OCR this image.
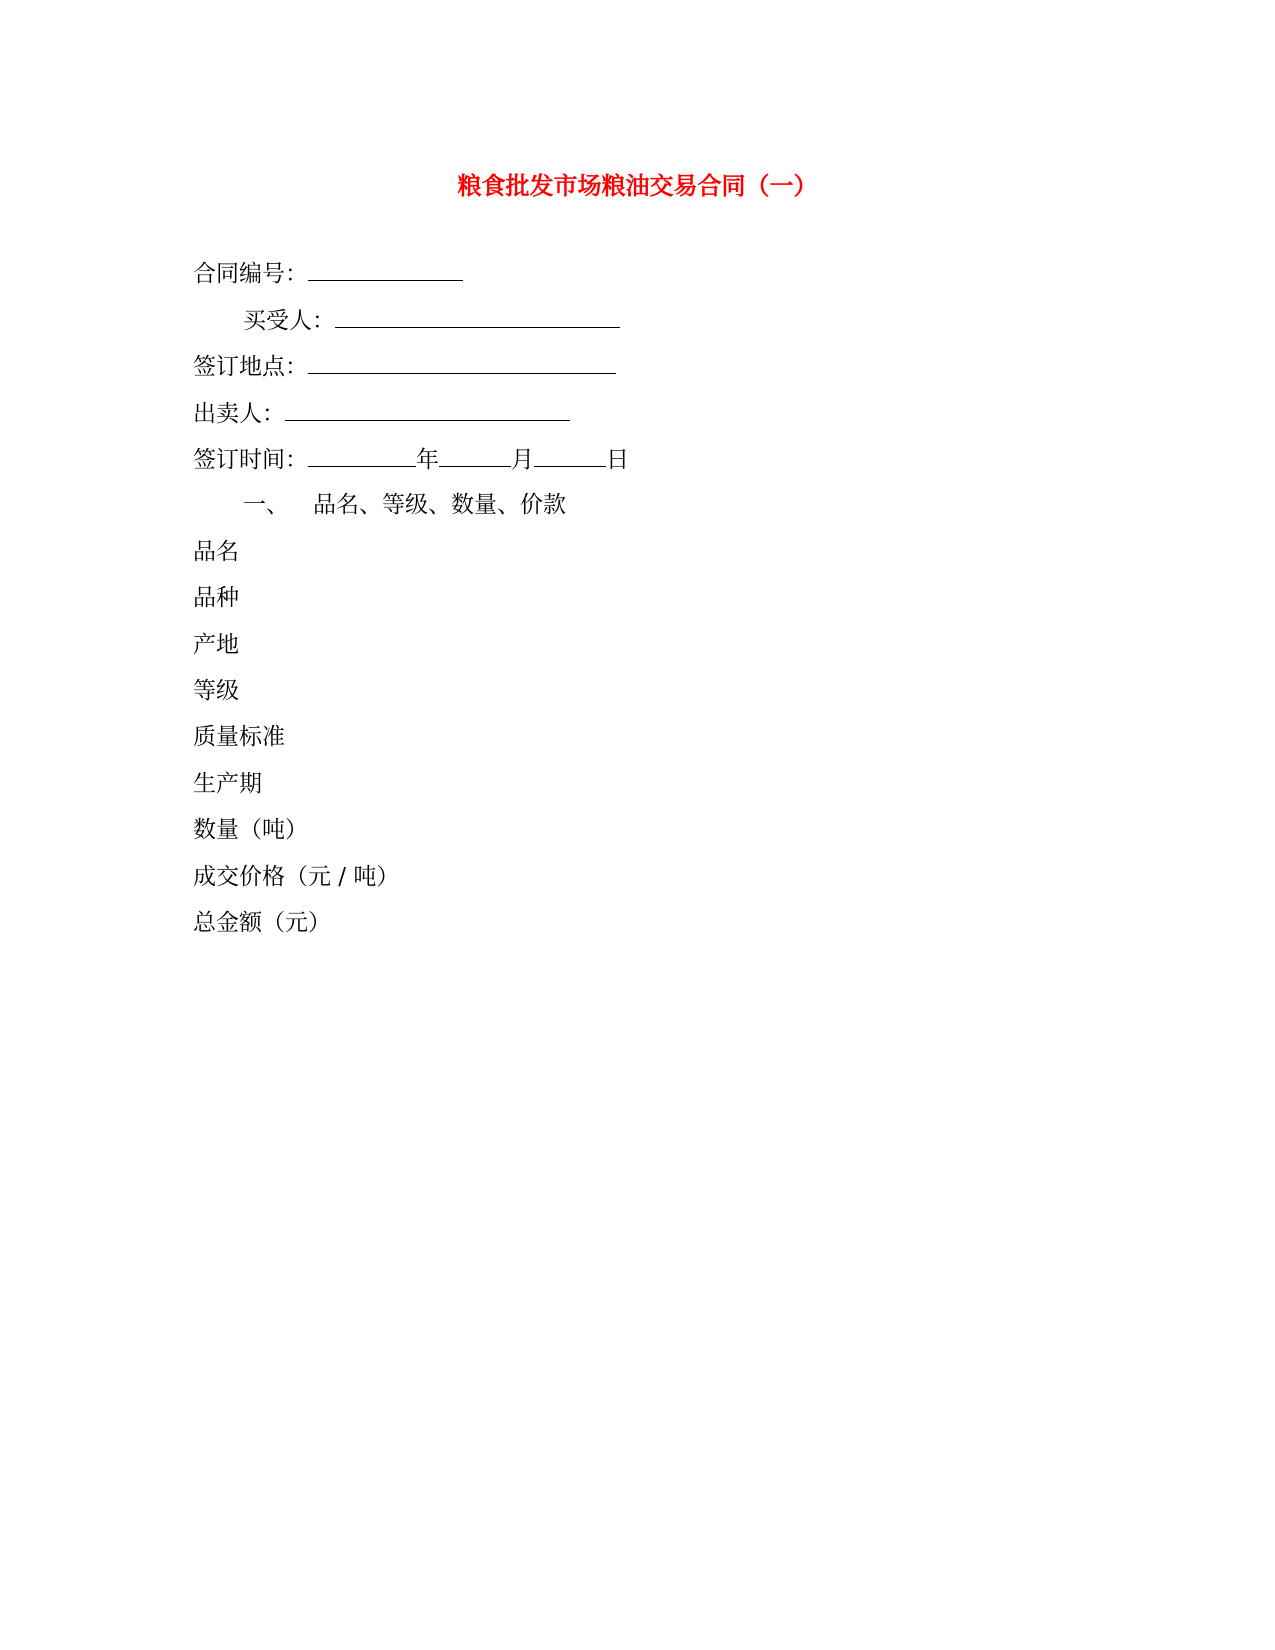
粮食批发市场粮油交易合同（一）
合同编号：
买受人：
签订地点：
出卖人：
签订时间：	年	月	日
一、 品名、等级、数量、价款
品名
品种
产地
等级
质量标准
生产期
数量（吨）
成交价格（元 / 吨）
总金额（元）
